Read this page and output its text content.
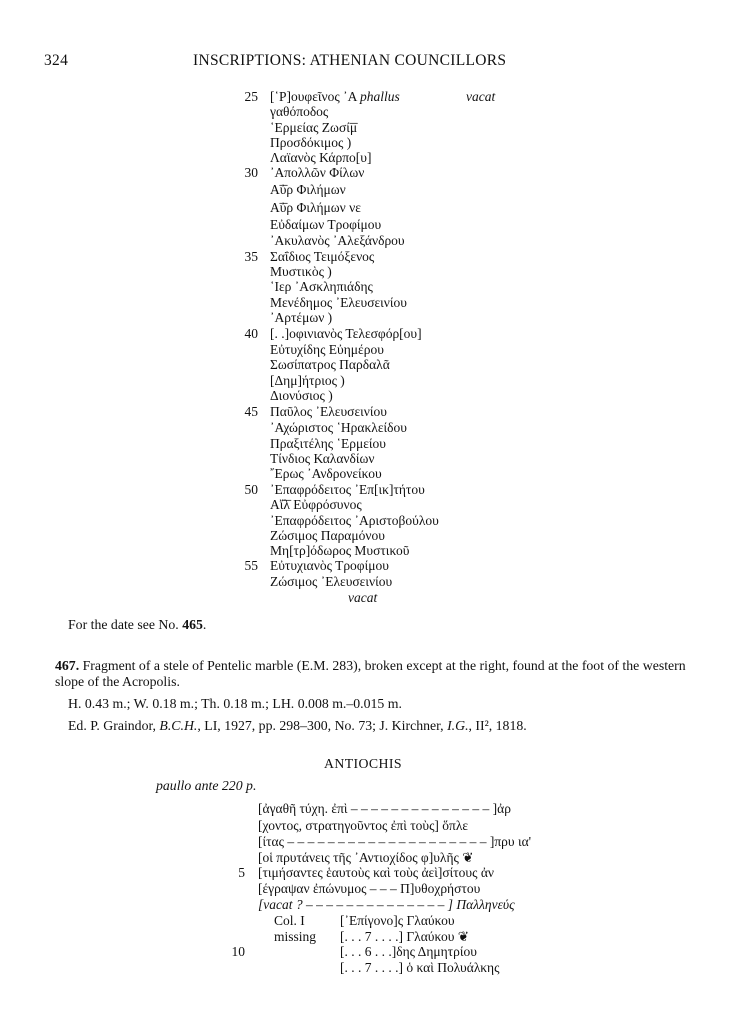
324	INSCRIPTIONS: ATHENIAN COUNCILLORS
25
30
35
40
45
50
55
[῾Ρ]ουφεῖνος ᾿Α phallus	vacat
γαθόποδος
῾Ερμείας Ζωσί͞μ
Προσδόκιμος )
Λαϊανὸς Κάρπο[υ]
᾿Απολλῶν Φίλων
Α͞ὐρ Φιλήμων
Α͞ὐρ Φιλήμων νε
Εὐδαίμων Τροφίμου
᾿Ακυλανὸς ᾿Αλεξάνδρου
Σαΐδιος Τειμόξενος
Μυστικὸς )
῾Ιερ ᾿Ασκληπιάδης
Μενέδημος ᾿Ελευσεινίου
᾿Αρτέμων )
[. .]οφινιανὸς Τελεσφόρ[ου]
Εὐτυχίδης Εὐημέρου
Σωσίπατρος Παρδαλᾶ
[Δημ]ήτριος )
Διονύσιος )
Παῦλος ᾿Ελευσεινίου
᾿Αχώριστος ῾Ηρακλείδου
Πραξιτέλης ῾Ερμείου
Τίνδιος Καλανδίων
῎Ερως ᾿Ανδρονείκου
᾿Επαφρόδειτος ᾿Επ[ικ]τήτου
Αἴ͞λ Εὐφρόσυνος
᾿Επαφρόδειτος ᾿Αριστοβούλου
Ζώσιμος Παραμόνου
Μη[τρ]όδωρος Μυστικοῦ
Εὐτυχιανὸς Τροφίμου
Ζώσιμος ᾿Ελευσεινίου
vacat
For the date see No. 465.
467. Fragment of a stele of Pentelic marble (E.M. 283), broken except at the right, found at the foot of the western
slope of the Acropolis.
H. 0.43 m.; W. 0.18 m.; Th. 0.18 m.; LH. 0.008 m.–0.015 m.
Ed. P. Graindor, B.C.H., LI, 1927, pp. 298–300, No. 73; J. Kirchner, I.G., II², 1818.
ANTIOCHIS
paullo ante 220 p.
[ἀγαθῆ τύχη. ἐπὶ – – – – – – – – – – – – – – ]ἀρ
[χοντος, στρατηγοῦντος ἐπὶ τοὺς] ὅπλε
[ίτας – – – – – – – – – – – – – – – – – – – – ]πρυ ια'
[οἱ πρυτάνεις τῆς ᾿Αντιοχίδος φ]υλῆς ❦
5 [τιμήσαντες ἑαυτοὺς καὶ τοὺς ἀεὶ]σίτους ἀν
[έγραψαν ἐπώνυμος – – – Π]υθοχρήστου
[vacat ? – – – – – – – – – – – – – – ] Παλληνεύς
Col. I
missing
10
[᾿Επίγονο]ς Γλαύκου
[. . . 7 . . . .] Γλαύκου ❦
[. . . 6 . . .]δης Δημητρίου
[. . . 7 . . . .] ὁ καὶ Πολυάλκης
